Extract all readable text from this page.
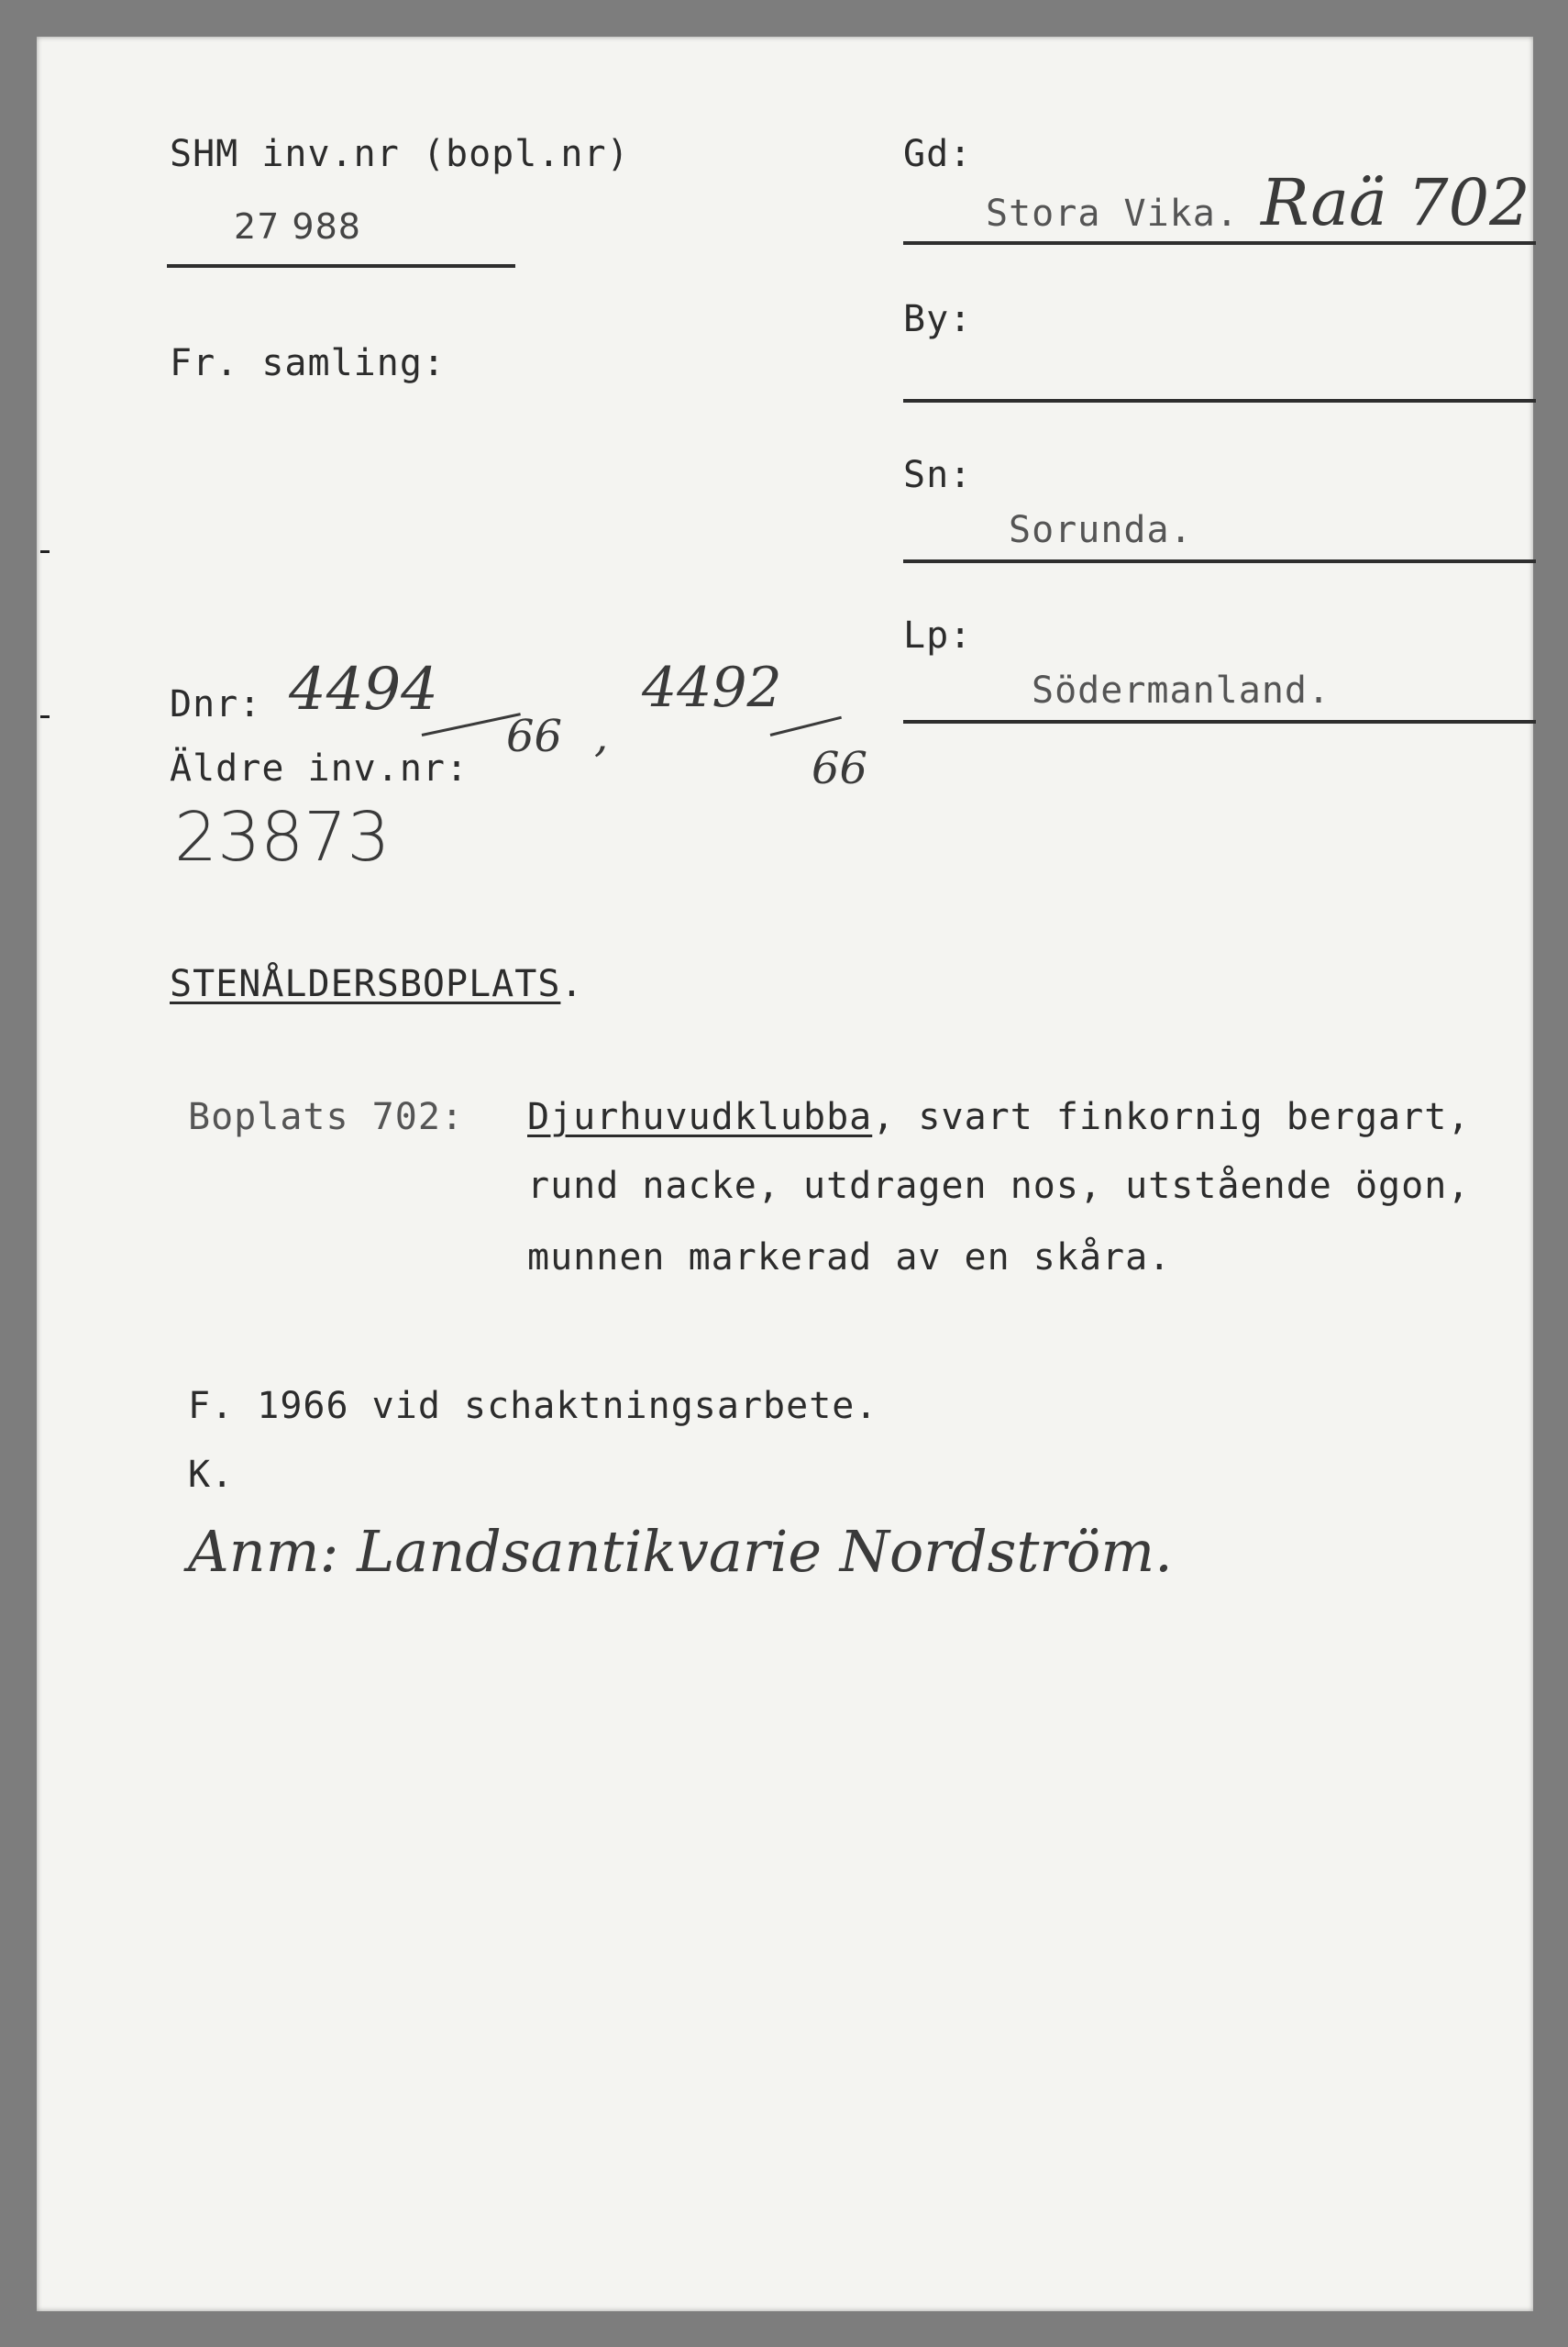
SHM inv.nr (bopl.nr)
27 988
Fr. samling:
Gd:
Stora Vika. Raä 702
By:
Sn:
Sorunda.
Lp:
Södermanland.
Dnr: 4494
66 ,
4492
66
Äldre inv.nr:
23873
STENÅLDERSBOPLATS.
Boplats 702: Djurhuvudklubba, svart finkornig bergart,
rund nacke, utdragen nos, utstående ögon,
munnen markerad av en skåra.
F. 1966 vid schaktningsarbete.
K.
Anm: Landsantikvarie Nordström.
